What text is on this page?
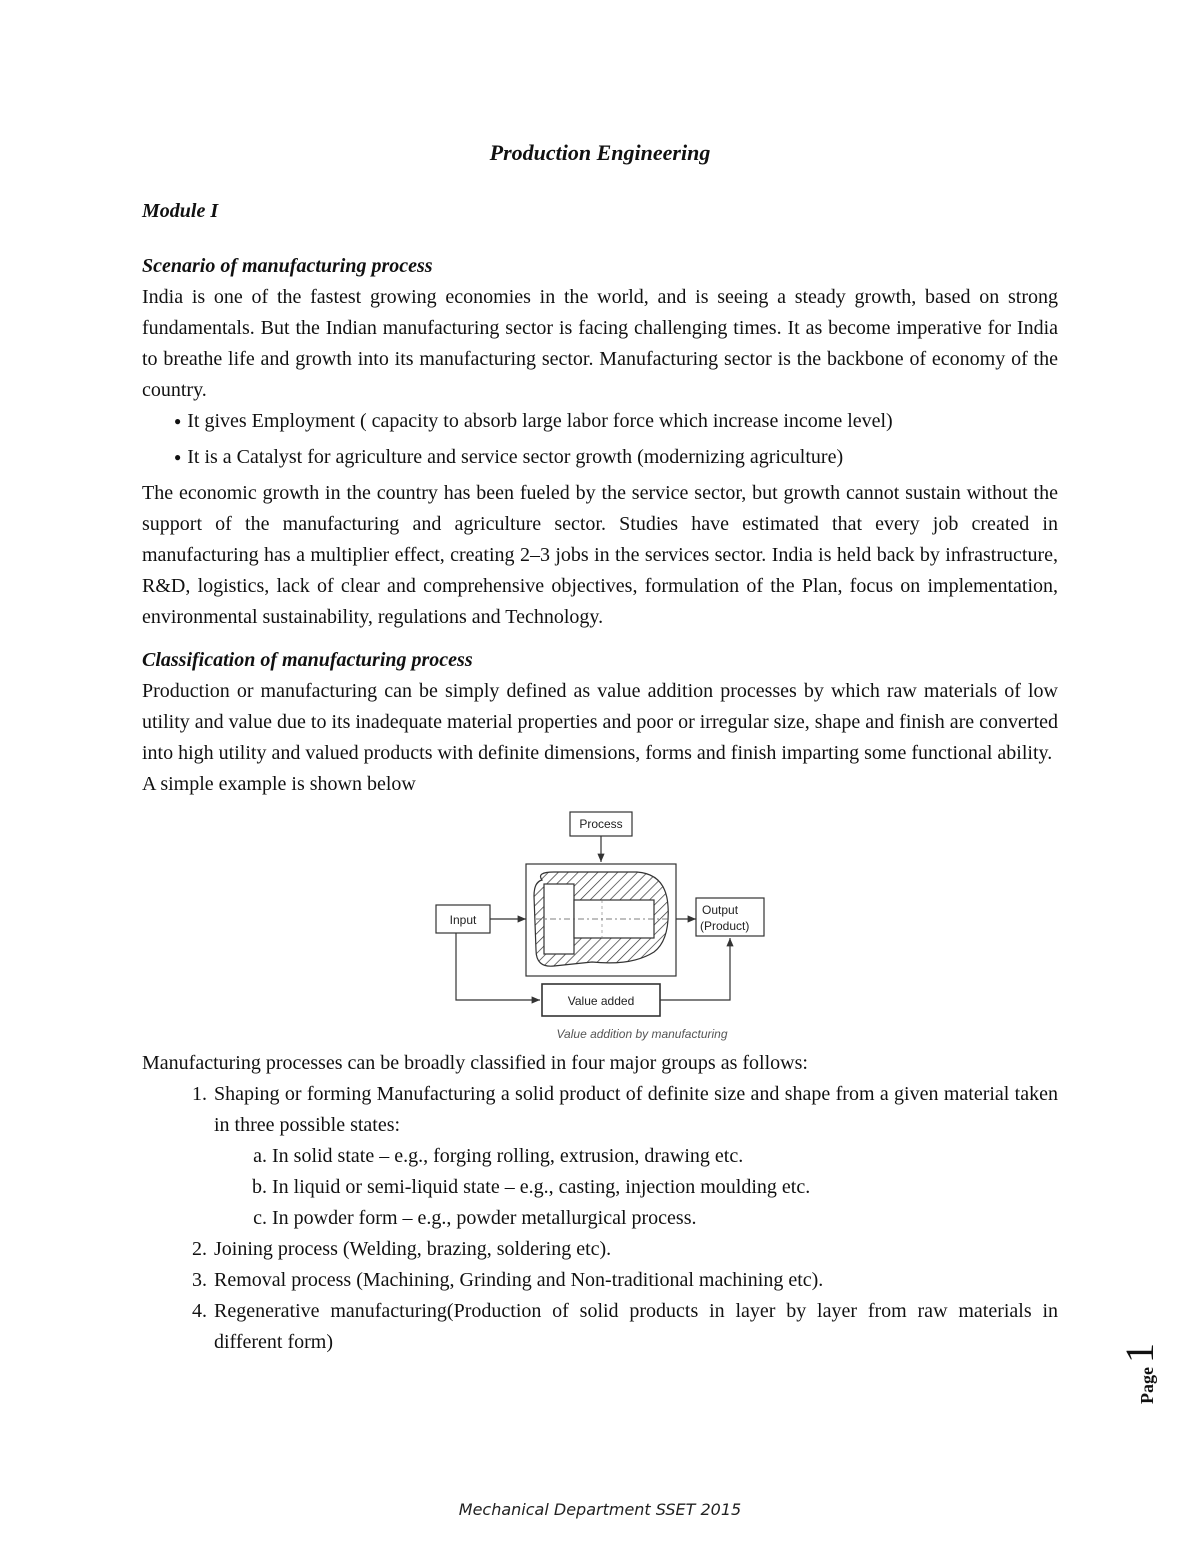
Production Engineering
Module I
Scenario of manufacturing process

India is one of the fastest growing economies in the world, and is seeing a steady growth, based on strong fundamentals. But the Indian manufacturing sector is facing challenging times. It as become imperative for India to breathe life and growth into its manufacturing sector. Manufacturing sector is the backbone of economy of the country.

● It gives Employment ( capacity to absorb large labor force which increase income level)
● It is a Catalyst for agriculture and service sector growth (modernizing agriculture)

The economic growth in the country has been fueled by the service sector, but growth cannot sustain without the support of the manufacturing and agriculture sector. Studies have estimated that every job created in manufacturing has a multiplier effect, creating 2–3 jobs in the services sector. India is held back by infrastructure, R&D, logistics, lack of clear and comprehensive objectives, formulation of the Plan, focus on implementation, environmental sustainability, regulations and Technology.

Classification of manufacturing process

Production or manufacturing can be simply defined as value addition processes by which raw materials of low utility and value due to its inadequate material properties and poor or irregular size, shape and finish are converted into high utility and valued products with definite dimensions, forms and finish imparting some functional ability.

A simple example is shown below
Process
Input
Output
(Product)
Value added
Value addition by manufacturing
Manufacturing processes can be broadly classified in four major groups as follows:
1. Shaping or forming Manufacturing a solid product of definite size and shape from a given material taken in three possible states:
a. In solid state – e.g., forging rolling, extrusion, drawing etc.
b. In liquid or semi-liquid state – e.g., casting, injection moulding etc.
c. In powder form – e.g., powder metallurgical process.
2. Joining process (Welding, brazing, soldering etc).
3. Removal process (Machining, Grinding and Non-traditional machining etc).
4. Regenerative manufacturing(Production of solid products in layer by layer from raw materials in different form)
Page1
Mechanical Department SSET 2015
